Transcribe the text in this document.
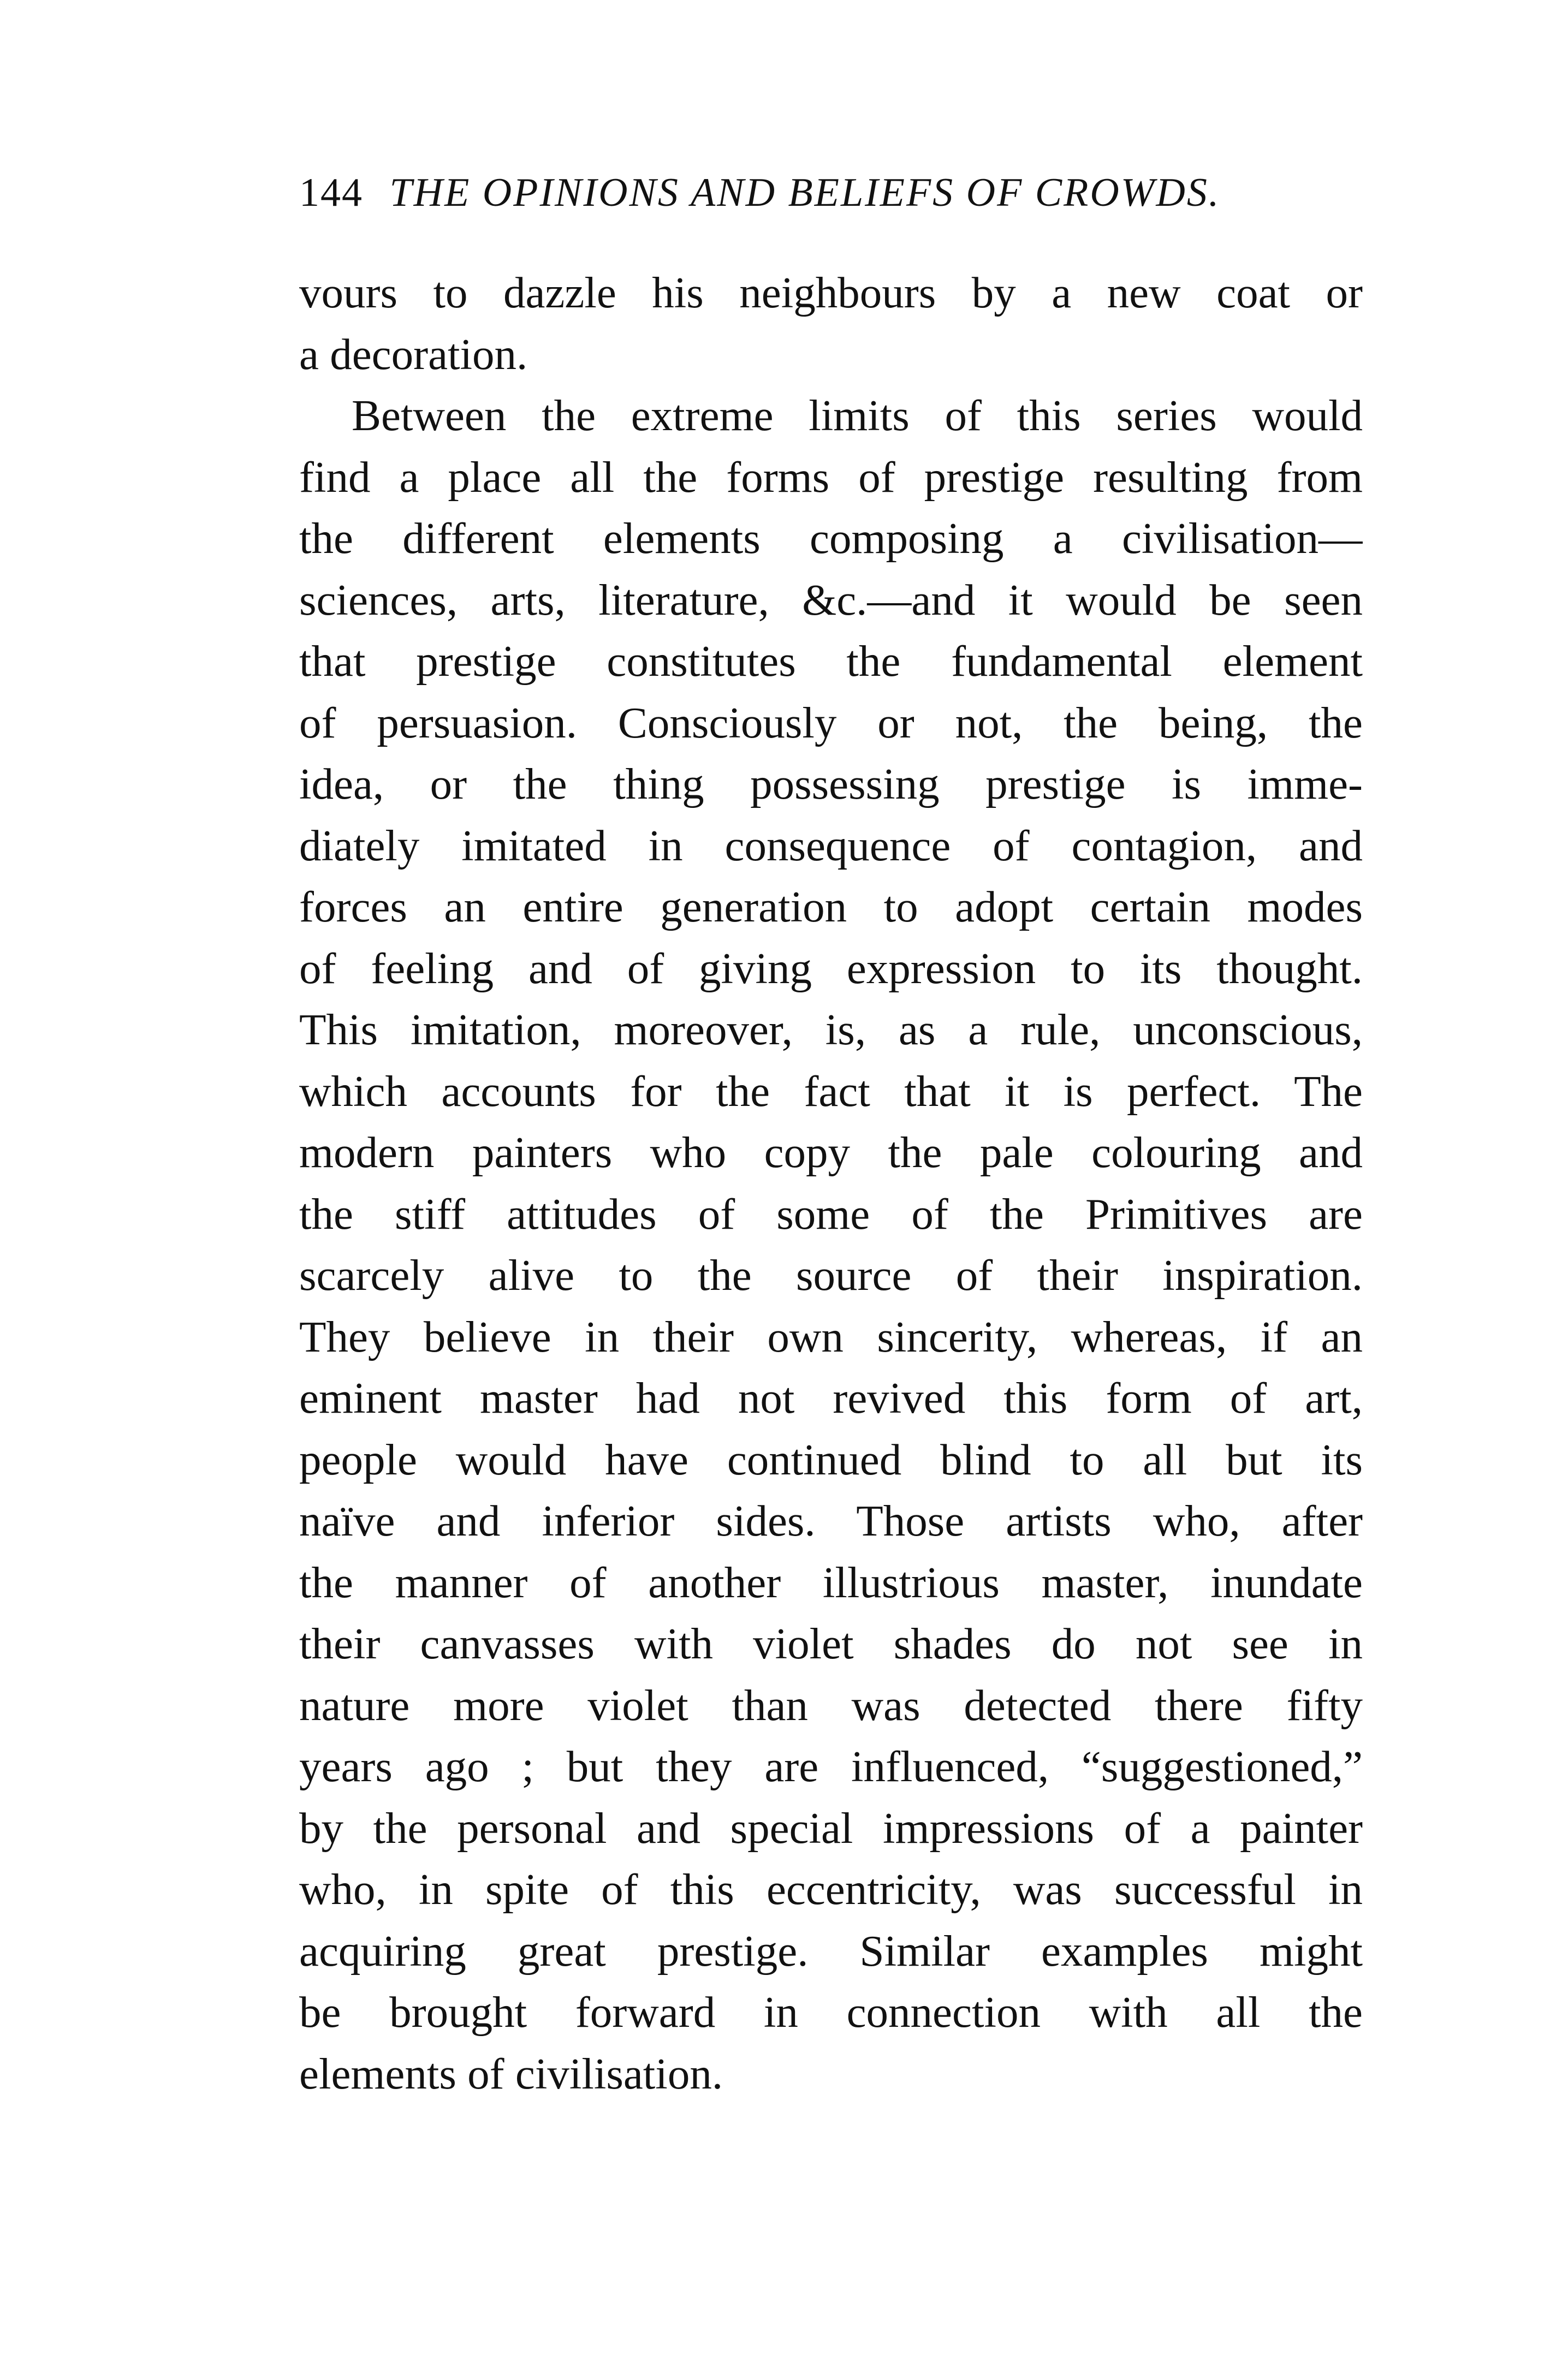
144 THE OPINIONS AND BELIEFS OF CROWDS.
vours to dazzle his neighbours by a new coat or
a decoration.
Between the extreme limits of this series would
find a place all the forms of prestige resulting from
the different elements composing a civilisation—
sciences, arts, literature, &c.—and it would be seen
that prestige constitutes the fundamental element
of persuasion. Consciously or not, the being, the
idea, or the thing possessing prestige is imme-
diately imitated in consequence of contagion, and
forces an entire generation to adopt certain modes
of feeling and of giving expression to its thought.
This imitation, moreover, is, as a rule, unconscious,
which accounts for the fact that it is perfect. The
modern painters who copy the pale colouring and
the stiff attitudes of some of the Primitives are
scarcely alive to the source of their inspiration.
They believe in their own sincerity, whereas, if an
eminent master had not revived this form of art,
people would have continued blind to all but its
naïve and inferior sides. Those artists who, after
the manner of another illustrious master, inundate
their canvasses with violet shades do not see in
nature more violet than was detected there fifty
years ago ; but they are influenced, “suggestioned,”
by the personal and special impressions of a painter
who, in spite of this eccentricity, was successful in
acquiring great prestige. Similar examples might
be brought forward in connection with all the
elements of civilisation.
